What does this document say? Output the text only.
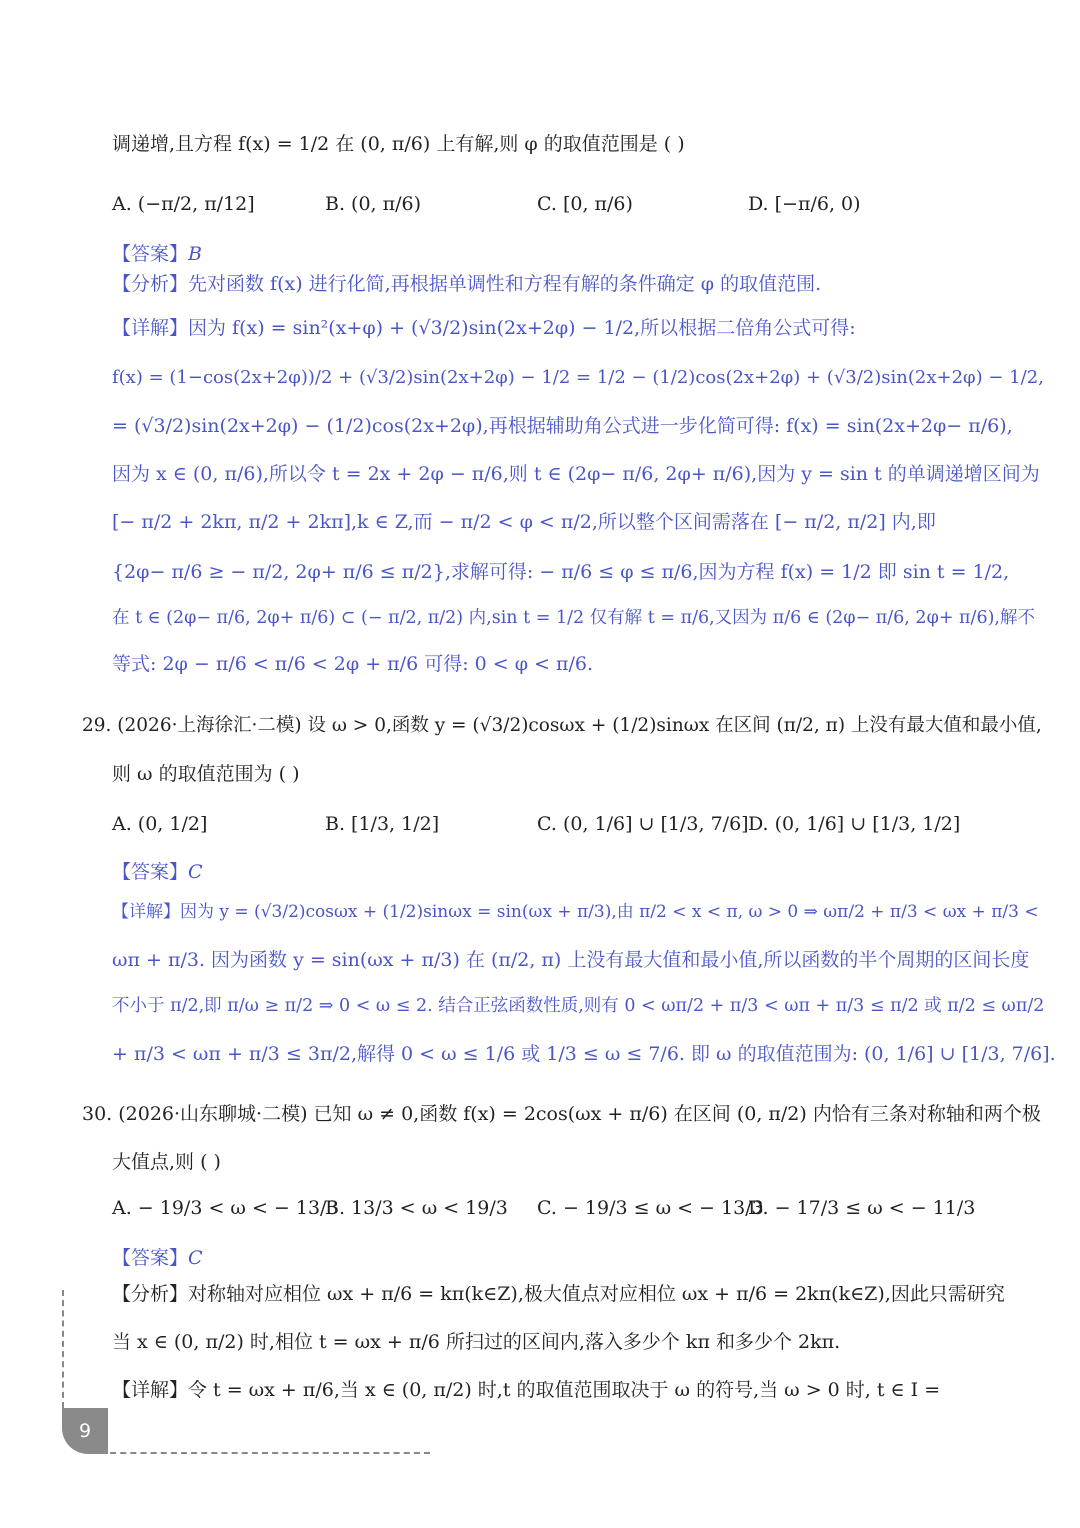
调递增,且方程 f(x) = 1/2 在 (0, π/6) 上有解,则 φ 的取值范围是 ( )
A. (−π/2, π/12]	B. (0, π/6)	C. [0, π/6)	D. [−π/6, 0)
【答案】B
【分析】先对函数 f(x) 进行化简,再根据单调性和方程有解的条件确定 φ 的取值范围.
【详解】因为 f(x) = sin²(x+φ) + (√3/2)sin(2x+2φ) − 1/2,所以根据二倍角公式可得:
f(x) = (1−cos(2x+2φ))/2 + (√3/2)sin(2x+2φ) − 1/2 = 1/2 − (1/2)cos(2x+2φ) + (√3/2)sin(2x+2φ) − 1/2,
= (√3/2)sin(2x+2φ) − (1/2)cos(2x+2φ),再根据辅助角公式进一步化简可得: f(x) = sin(2x+2φ− π/6),
因为 x ∈ (0, π/6),所以令 t = 2x + 2φ − π/6,则 t ∈ (2φ− π/6, 2φ+ π/6),因为 y = sin t 的单调递增区间为
[− π/2 + 2kπ, π/2 + 2kπ],k ∈ Z,而 − π/2 < φ < π/2,所以整个区间需落在 [− π/2, π/2] 内,即
{2φ− π/6 ≥ − π/2, 2φ+ π/6 ≤ π/2},求解可得: − π/6 ≤ φ ≤ π/6,因为方程 f(x) = 1/2 即 sin t = 1/2,
在 t ∈ (2φ− π/6, 2φ+ π/6) ⊂ (− π/2, π/2) 内,sin t = 1/2 仅有解 t = π/6,又因为 π/6 ∈ (2φ− π/6, 2φ+ π/6),解不
等式: 2φ − π/6 < π/6 < 2φ + π/6 可得: 0 < φ < π/6.
29. (2026·上海徐汇·二模) 设 ω > 0,函数 y = (√3/2)cosωx + (1/2)sinωx 在区间 (π/2, π) 上没有最大值和最小值,
则 ω 的取值范围为 ( )
A. (0, 1/2]	B. [1/3, 1/2]	C. (0, 1/6] ∪ [1/3, 7/6] D. (0, 1/6] ∪ [1/3, 1/2]
【答案】C
【详解】因为 y = (√3/2)cosωx + (1/2)sinωx = sin(ωx + π/3),由 π/2 < x < π, ω > 0 ⇒ ωπ/2 + π/3 < ωx + π/3 <
ωπ + π/3. 因为函数 y = sin(ωx + π/3) 在 (π/2, π) 上没有最大值和最小值,所以函数的半个周期的区间长度
不小于 π/2,即 π/ω ≥ π/2 ⇒ 0 < ω ≤ 2. 结合正弦函数性质,则有 0 < ωπ/2 + π/3 < ωπ + π/3 ≤ π/2 或 π/2 ≤ ωπ/2
+ π/3 < ωπ + π/3 ≤ 3π/2,解得 0 < ω ≤ 1/6 或 1/3 ≤ ω ≤ 7/6. 即 ω 的取值范围为: (0, 1/6] ∪ [1/3, 7/6].
30. (2026·山东聊城·二模) 已知 ω ≠ 0,函数 f(x) = 2cos(ωx + π/6) 在区间 (0, π/2) 内恰有三条对称轴和两个极
大值点,则 ( )
A. − 19/3 < ω < − 13/3
B. 13/3 < ω < 19/3 C. − 19/3 ≤ ω < − 13/3
D. − 17/3 ≤ ω < − 11/3
【答案】C
【分析】对称轴对应相位 ωx + π/6 = kπ(k∈Z),极大值点对应相位 ωx + π/6 = 2kπ(k∈Z),因此只需研究
当 x ∈ (0, π/2) 时,相位 t = ωx + π/6 所扫过的区间内,落入多少个 kπ 和多少个 2kπ.
【详解】令 t = ωx + π/6,当 x ∈ (0, π/2) 时,t 的取值范围取决于 ω 的符号,当 ω > 0 时, t ∈ I =
9
